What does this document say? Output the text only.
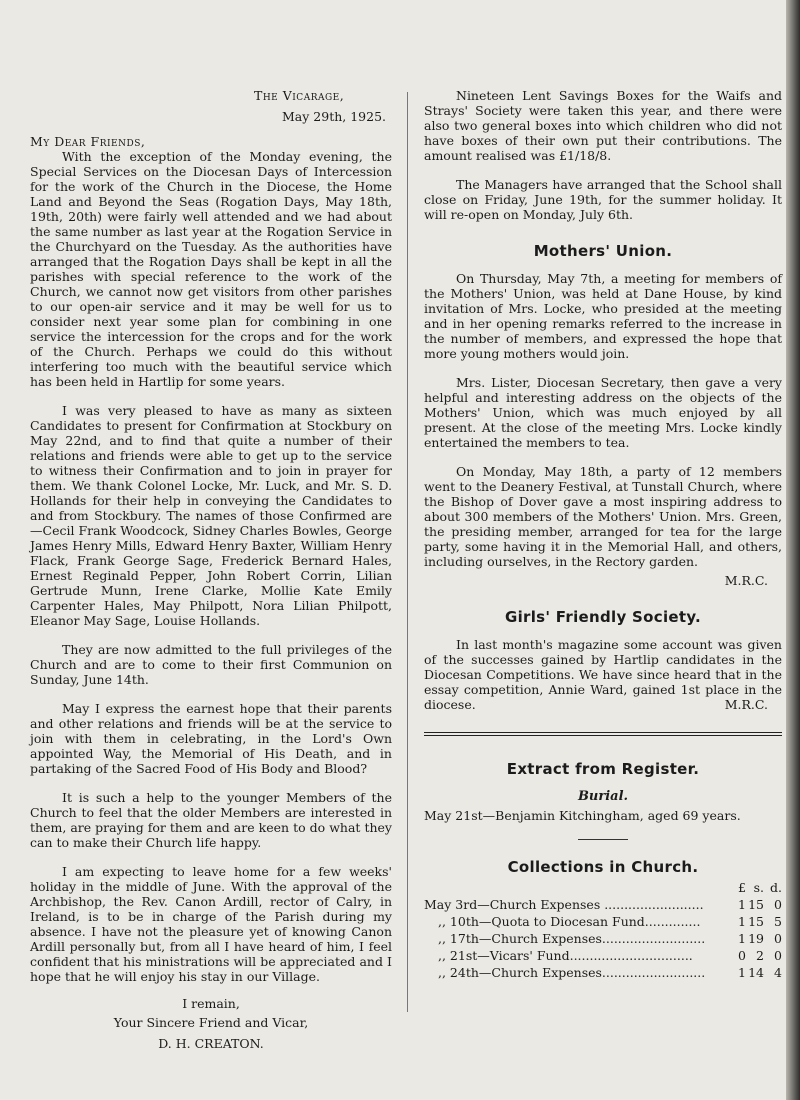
The Vicarage,
May 29th, 1925.
My Dear Friends,

With the exception of the Monday evening, the Special Services on the Diocesan Days of Intercession for the work of the Church in the Diocese, the Home Land and Beyond the Seas (Rogation Days, May 18th, 19th, 20th) were fairly well attended and we had about the same number as last year at the Rogation Service in the Churchyard on the Tuesday. As the authorities have arranged that the Rogation Days shall be kept in all the parishes with special reference to the work of the Church, we cannot now get visitors from other parishes to our open-air service and it may be well for us to consider next year some plan for combining in one service the intercession for the crops and for the work of the Church. Perhaps we could do this without interfering too much with the beautiful service which has been held in Hartlip for some years.

I was very pleased to have as many as sixteen Candidates to present for Confirmation at Stockbury on May 22nd, and to find that quite a number of their relations and friends were able to get up to the service to witness their Confirmation and to join in prayer for them. We thank Colonel Locke, Mr. Luck, and Mr. S. D. Hollands for their help in conveying the Candidates to and from Stockbury. The names of those Confirmed are—Cecil Frank Woodcock, Sidney Charles Bowles, George James Henry Mills, Edward Henry Baxter, William Henry Flack, Frank George Sage, Frederick Bernard Hales, Ernest Reginald Pepper, John Robert Corrin, Lilian Gertrude Munn, Irene Clarke, Mollie Kate Emily Carpenter Hales, May Philpott, Nora Lilian Philpott, Eleanor May Sage, Louise Hollands.

They are now admitted to the full privileges of the Church and are to come to their first Communion on Sunday, June 14th.

May I express the earnest hope that their parents and other relations and friends will be at the service to join with them in celebrating, in the Lord's Own appointed Way, the Memorial of His Death, and in partaking of the Sacred Food of His Body and Blood?

It is such a help to the younger Members of the Church to feel that the older Members are interested in them, are praying for them and are keen to do what they can to make their Church life happy.

I am expecting to leave home for a few weeks' holiday in the middle of June. With the approval of the Archbishop, the Rev. Canon Ardill, rector of Calry, in Ireland, is to be in charge of the Parish during my absence. I have not the pleasure yet of knowing Canon Ardill personally but, from all I have heard of him, I feel confident that his ministrations will be appreciated and I hope that he will enjoy his stay in our Village.

I remain,
Your Sincere Friend and Vicar,
D. H. CREATON.

Nineteen Lent Savings Boxes for the Waifs and Strays' Society were taken this year, and there were also two general boxes into which children who did not have boxes of their own put their contributions. The amount realised was £1/18/8.

The Managers have arranged that the School shall close on Friday, June 19th, for the summer holiday. It will re-open on Monday, July 6th.

Mothers' Union.

On Thursday, May 7th, a meeting for members of the Mothers' Union, was held at Dane House, by kind invitation of Mrs. Locke, who presided at the meeting and in her opening remarks referred to the increase in the number of members, and expressed the hope that more young mothers would join.

Mrs. Lister, Diocesan Secretary, then gave a very helpful and interesting address on the objects of the Mothers' Union, which was much enjoyed by all present. At the close of the meeting Mrs. Locke kindly entertained the members to tea.

On Monday, May 18th, a party of 12 members went to the Deanery Festival, at Tunstall Church, where the Bishop of Dover gave a most inspiring address to about 300 members of the Mothers' Union. Mrs. Green, the presiding member, arranged for tea for the large party, some having it in the Memorial Hall, and others, including ourselves, in the Rectory garden.

M.R.C.
Girls' Friendly Society.

In last month's magazine some account was given of the successes gained by Hartlip candidates in the Diocesan Competitions. We have since heard that in the essay competition, Annie Ward, gained 1st place in the diocese.	M.R.C.
Extract from Register.
Burial.

May 21st—Benjamin Kitchingham, aged 69 years.

Collections in Church.
	£	s.	d.
May 3rd—Church Expenses .........................	1	15	0
,, 10th—Quota to Diocesan Fund..............	1	15	5
,, 17th—Church Expenses..........................	1	19	0
,, 21st—Vicars' Fund...............................	0	2	0
,, 24th—Church Expenses..........................	1	14	4
